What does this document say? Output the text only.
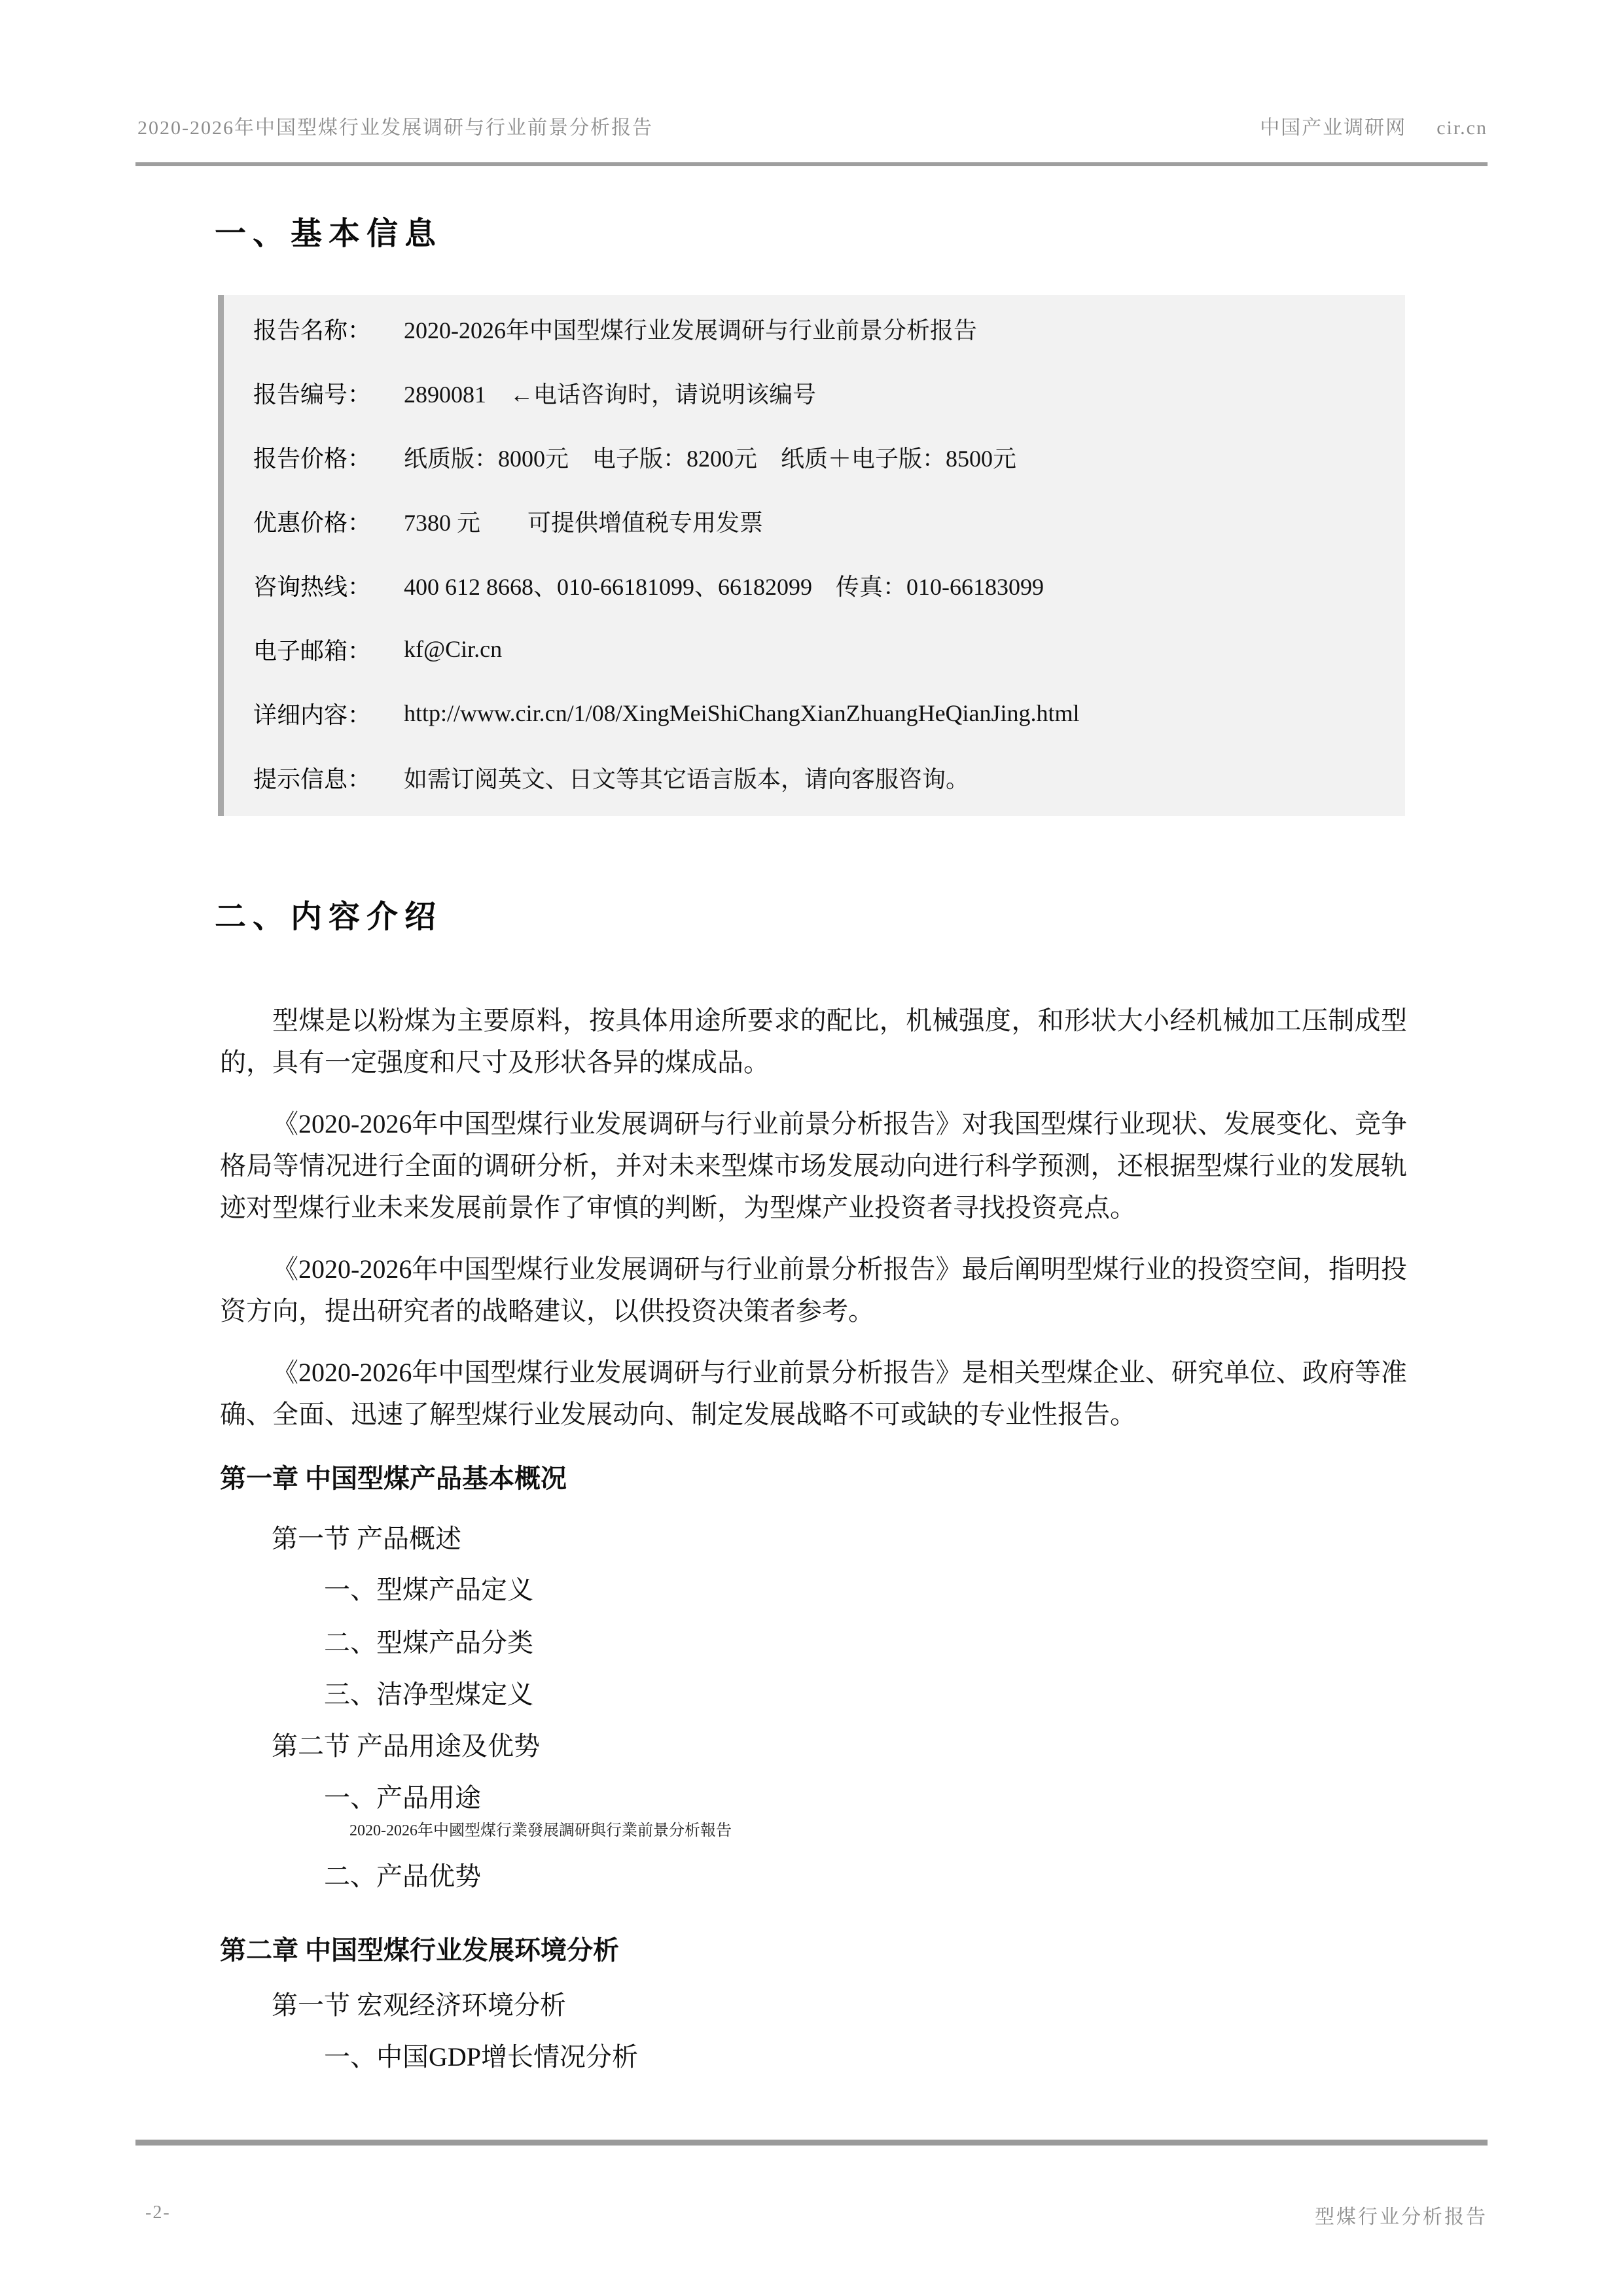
2020-2026年中国型煤行业发展调研与行业前景分析报告	中国产业调研网 cir.cn
一、基本信息
报告名称：	2020-2026年中国型煤行业发展调研与行业前景分析报告
报告编号：	2890081　←电话咨询时，请说明该编号
报告价格：	纸质版：8000元　电子版：8200元　纸质＋电子版：8500元
优惠价格：	7380 元　　可提供增值税专用发票
咨询热线：	400 612 8668、010-66181099、66182099　传真：010-66183099
电子邮箱：	kf@Cir.cn
详细内容：	http://www.cir.cn/1/08/XingMeiShiChangXianZhuangHeQianJing.html
提示信息：	如需订阅英文、日文等其它语言版本，请向客服咨询。
二、内容介绍

型煤是以粉煤为主要原料，按具体用途所要求的配比，机械强度，和形状大小经机械加工压制成型的，具有一定强度和尺寸及形状各异的煤成品。

《2020-2026年中国型煤行业发展调研与行业前景分析报告》对我国型煤行业现状、发展变化、竞争格局等情况进行全面的调研分析，并对未来型煤市场发展动向进行科学预测，还根据型煤行业的发展轨迹对型煤行业未来发展前景作了审慎的判断，为型煤产业投资者寻找投资亮点。

《2020-2026年中国型煤行业发展调研与行业前景分析报告》最后阐明型煤行业的投资空间，指明投资方向，提出研究者的战略建议，以供投资决策者参考。

《2020-2026年中国型煤行业发展调研与行业前景分析报告》是相关型煤企业、研究单位、政府等准确、全面、迅速了解型煤行业发展动向、制定发展战略不可或缺的专业性报告。

第一章 中国型煤产品基本概况
第一节 产品概述
一、型煤产品定义
二、型煤产品分类
三、洁净型煤定义
第二节 产品用途及优势
一、产品用途
2020-2026年中國型煤行業發展調研與行業前景分析報告
二、产品优势
第二章 中国型煤行业发展环境分析
第一节 宏观经济环境分析
一、中国GDP增长情况分析
-2-	型煤行业分析报告
